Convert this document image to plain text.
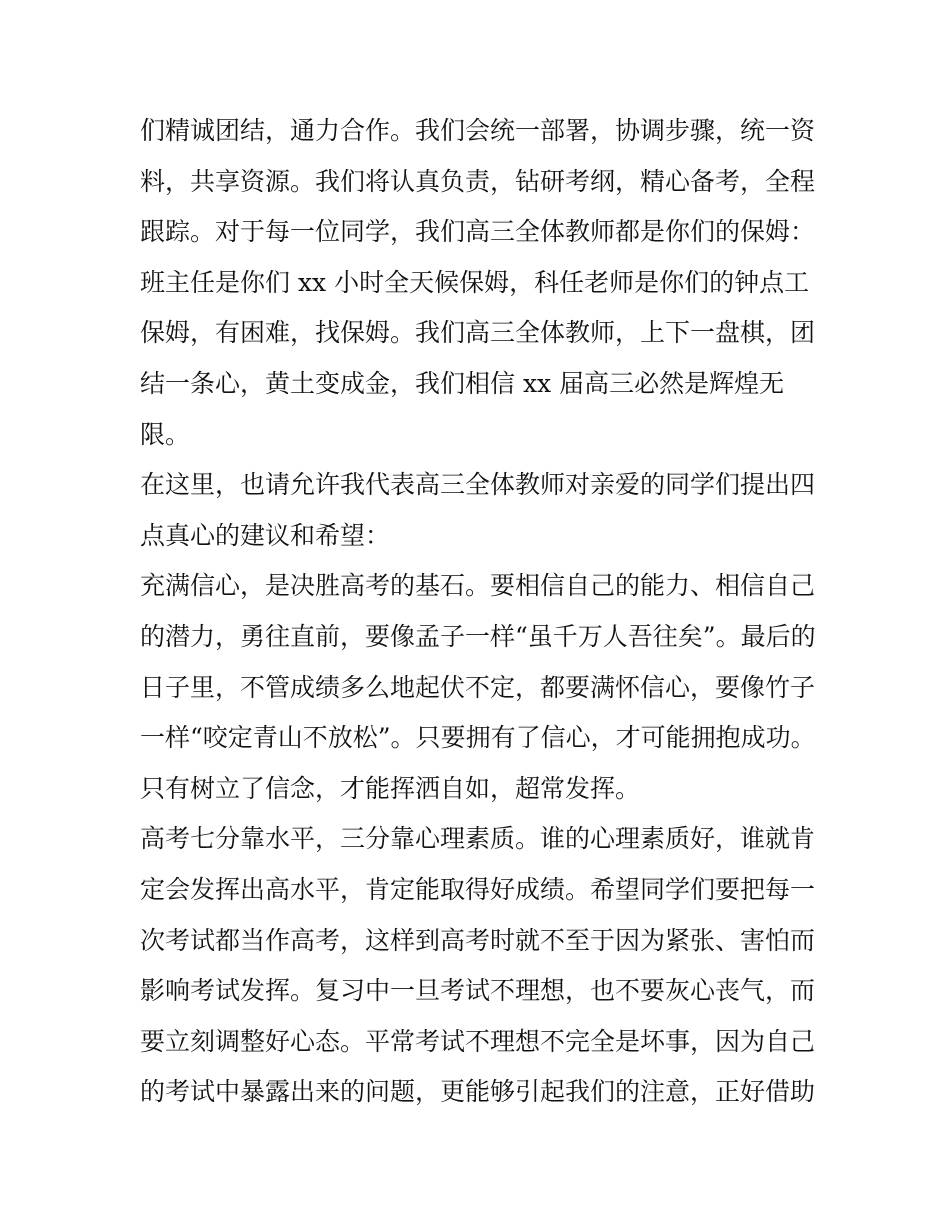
们精诚团结，通力合作。我们会统一部署，协调步骤，统一资
料，共享资源。我们将认真负责，钻研考纲，精心备考，全程
跟踪。对于每一位同学，我们高三全体教师都是你们的保姆：
班主任是你们 xx 小时全天候保姆，科任老师是你们的钟点工
保姆，有困难，找保姆。我们高三全体教师，上下一盘棋，团
结一条心，黄土变成金，我们相信 xx 届高三必然是辉煌无
限。
在这里，也请允许我代表高三全体教师对亲爱的同学们提出四
点真心的建议和希望：
充满信心，是决胜高考的基石。要相信自己的能力、相信自己
的潜力，勇往直前，要像孟子一样“虽千万人吾往矣”。最后的
日子里，不管成绩多么地起伏不定，都要满怀信心，要像竹子
一样“咬定青山不放松”。只要拥有了信心，才可能拥抱成功。
只有树立了信念，才能挥洒自如，超常发挥。
高考七分靠水平，三分靠心理素质。谁的心理素质好，谁就肯
定会发挥出高水平，肯定能取得好成绩。希望同学们要把每一
次考试都当作高考，这样到高考时就不至于因为紧张、害怕而
影响考试发挥。复习中一旦考试不理想，也不要灰心丧气，而
要立刻调整好心态。平常考试不理想不完全是坏事，因为自己
的考试中暴露出来的问题，更能够引起我们的注意，正好借助
